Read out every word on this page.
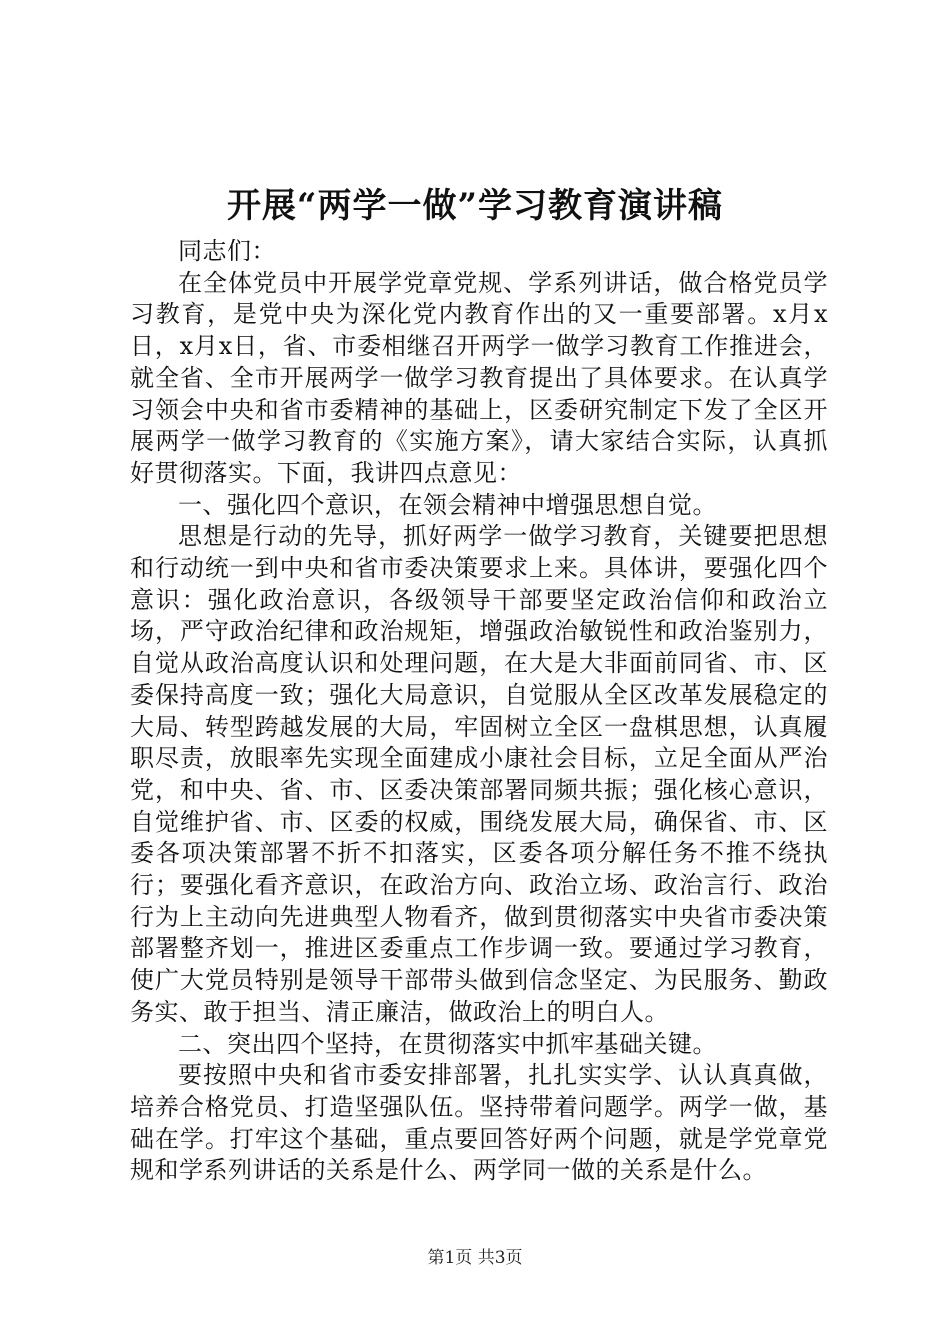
开展“两学一做”学习教育演讲稿

同志们：

在全体党员中开展学党章党规、学系列讲话，做合格党员学习教育，是党中央为深化党内教育作出的又一重要部署。x月x日，x月x日，省、市委相继召开两学一做学习教育工作推进会，就全省、全市开展两学一做学习教育提出了具体要求。在认真学习领会中央和省市委精神的基础上，区委研究制定下发了全区开展两学一做学习教育的《实施方案》，请大家结合实际，认真抓好贯彻落实。下面，我讲四点意见：

一、强化四个意识，在领会精神中增强思想自觉。

思想是行动的先导，抓好两学一做学习教育，关键要把思想和行动统一到中央和省市委决策要求上来。具体讲，要强化四个意识：强化政治意识，各级领导干部要坚定政治信仰和政治立场，严守政治纪律和政治规矩，增强政治敏锐性和政治鉴别力，自觉从政治高度认识和处理问题，在大是大非面前同省、市、区委保持高度一致；强化大局意识，自觉服从全区改革发展稳定的大局、转型跨越发展的大局，牢固树立全区一盘棋思想，认真履职尽责，放眼率先实现全面建成小康社会目标，立足全面从严治党，和中央、省、市、区委决策部署同频共振；强化核心意识，自觉维护省、市、区委的权威，围绕发展大局，确保省、市、区委各项决策部署不折不扣落实，区委各项分解任务不推不绕执行；要强化看齐意识，在政治方向、政治立场、政治言行、政治行为上主动向先进典型人物看齐，做到贯彻落实中央省市委决策部署整齐划一，推进区委重点工作步调一致。要通过学习教育，使广大党员特别是领导干部带头做到信念坚定、为民服务、勤政务实、敢于担当、清正廉洁，做政治上的明白人。

二、突出四个坚持，在贯彻落实中抓牢基础关键。

要按照中央和省市委安排部署，扎扎实实学、认认真真做，培养合格党员、打造坚强队伍。坚持带着问题学。两学一做，基础在学。打牢这个基础，重点要回答好两个问题，就是学党章党规和学系列讲话的关系是什么、两学同一做的关系是什么。

第1页 共3页
